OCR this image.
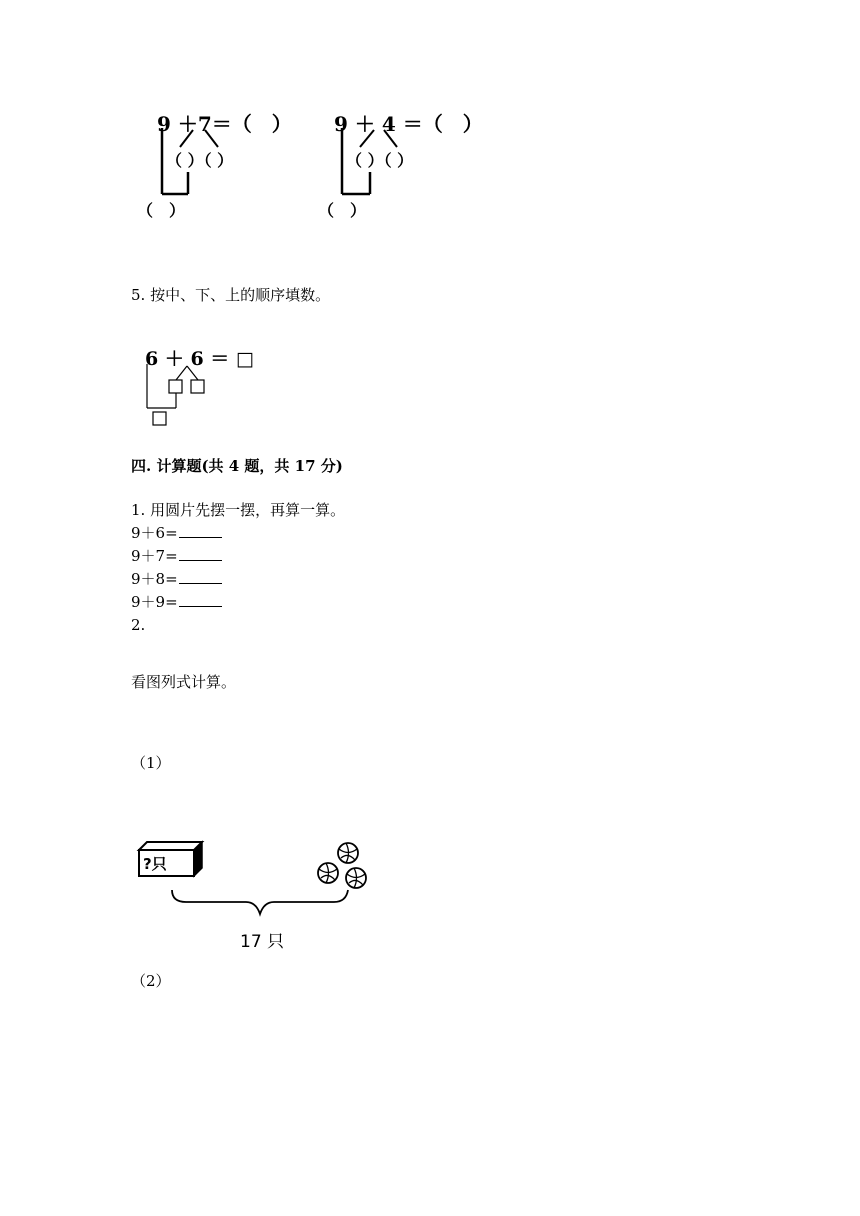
9 ＋7＝（　）
（ ）（ ）
（　）
9 ＋ 4 ＝（　）
（ ）（ ）
（　）
5. 按中、下、上的顺序填数。
6 ＋ 6 ＝ □
四. 计算题(共 4 题，共 17 分)
1. 用圆片先摆一摆，再算一算。
9＋6=
9＋7=
9＋8=
9＋9=
2.
看图列式计算。
（1）
?只
17 只
（2）
